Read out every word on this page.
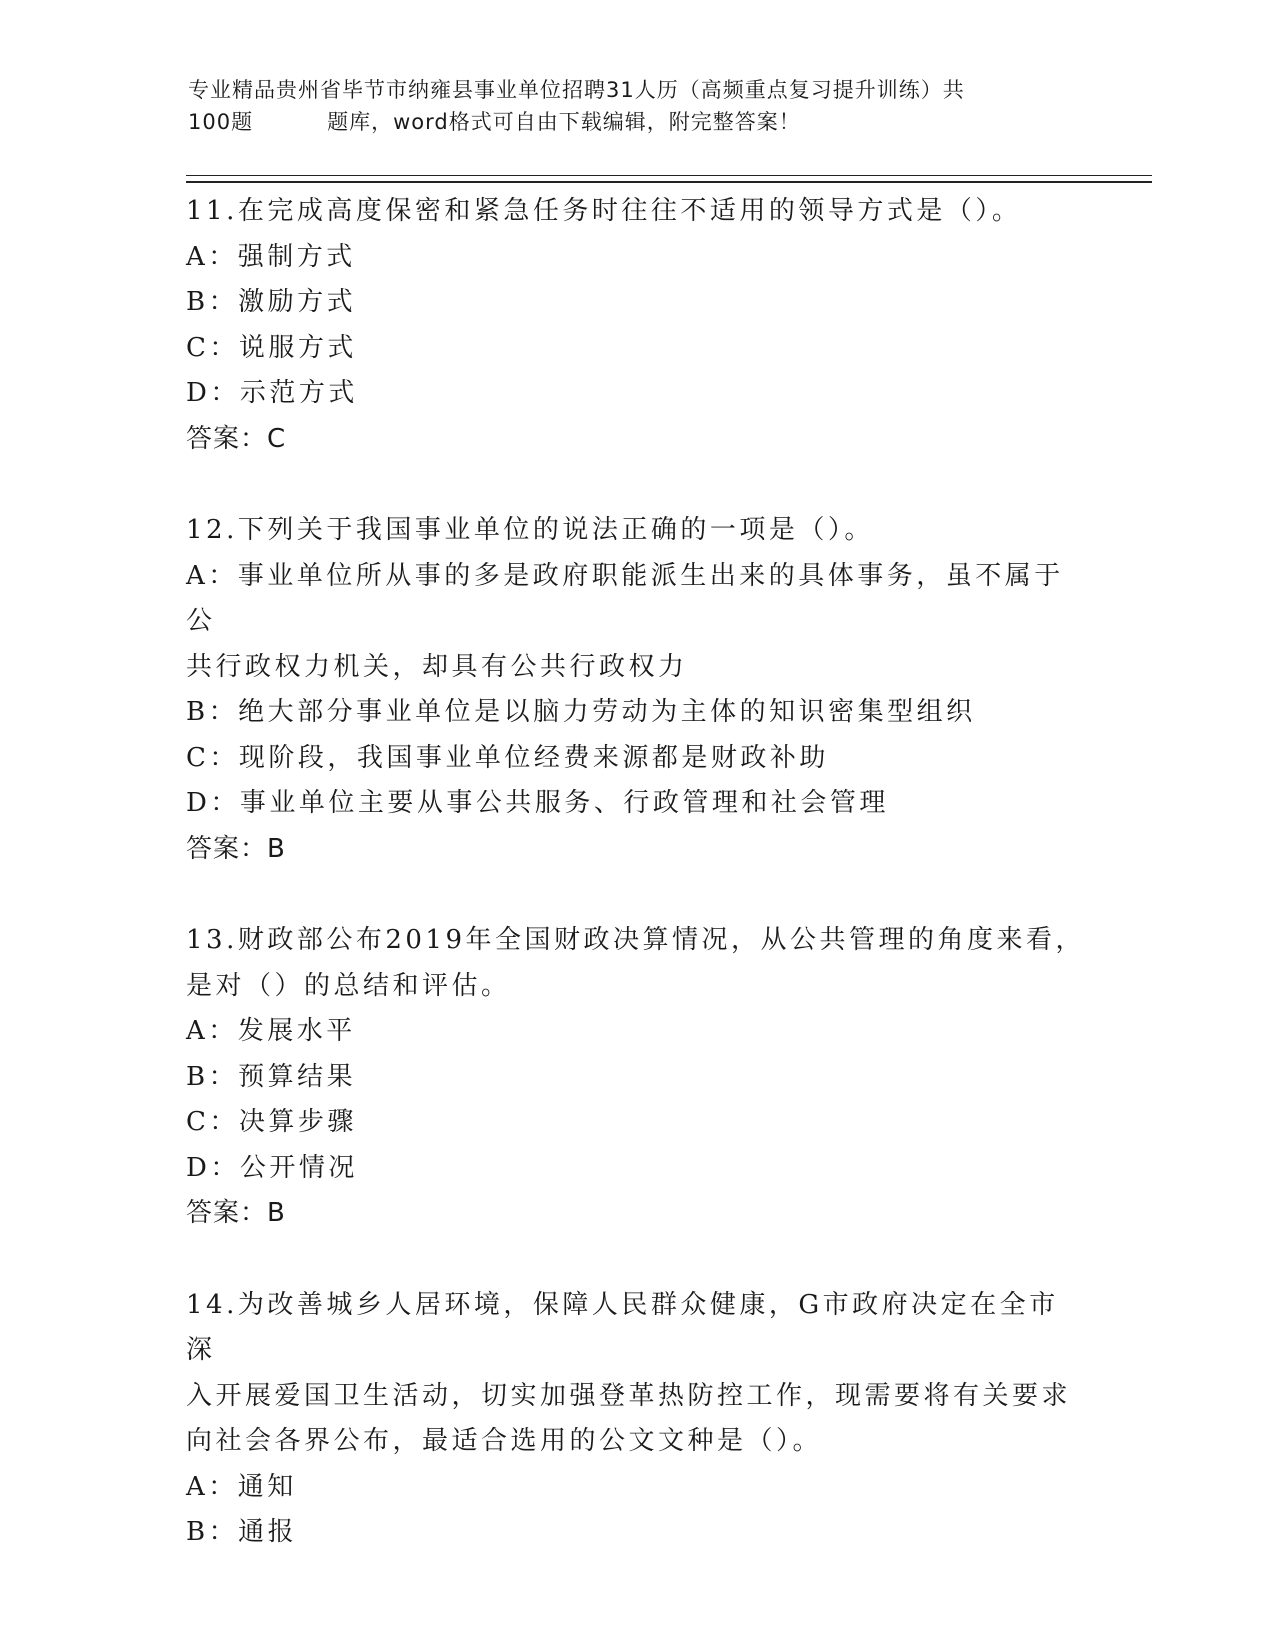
专业精品贵州省毕节市纳雍县事业单位招聘31人历（高频重点复习提升训练）共
100题	题库，word格式可自由下载编辑，附完整答案！
11.在完成高度保密和紧急任务时往往不适用的领导方式是（）。
A：强制方式
B：激励方式
C：说服方式
D：示范方式
答案：C
12.下列关于我国事业单位的说法正确的一项是（）。
A：事业单位所从事的多是政府职能派生出来的具体事务，虽不属于公
共行政权力机关，却具有公共行政权力
B：绝大部分事业单位是以脑力劳动为主体的知识密集型组织
C：现阶段，我国事业单位经费来源都是财政补助
D：事业单位主要从事公共服务、行政管理和社会管理
答案：B
13.财政部公布2019年全国财政决算情况，从公共管理的角度来看，
是对（）的总结和评估。
A：发展水平
B：预算结果
C：决算步骤
D：公开情况
答案：B
14.为改善城乡人居环境，保障人民群众健康，G市政府决定在全市深
入开展爱国卫生活动，切实加强登革热防控工作，现需要将有关要求
向社会各界公布，最适合选用的公文文种是（）。
A：通知
B：通报
